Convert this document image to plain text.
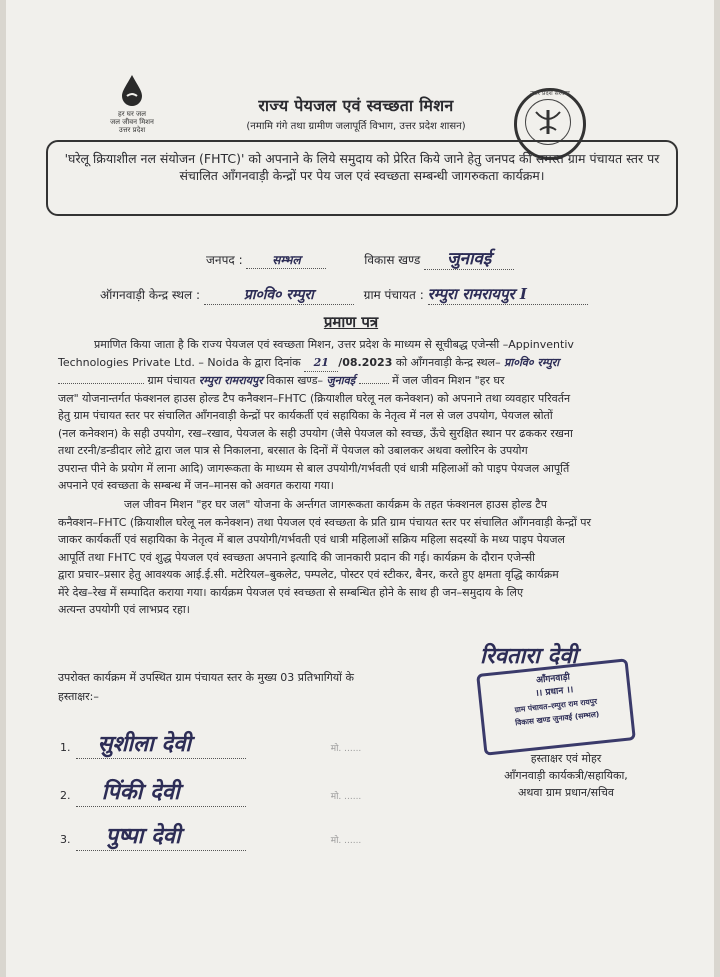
हर घर जल
जल जीवन मिशन
उत्तर प्रदेश
राज्य पेयजल एवं स्वच्छता मिशन
(नमामि गंगे तथा ग्रामीण जलापूर्ति विभाग, उत्तर प्रदेश शासन)
उत्तर प्रदेश सरकार
'घरेलू क्रियाशील नल संयोजन (FHTC)' को अपनाने के लिये समुदाय को प्रेरित किये जाने हेतु जनपद की समस्त ग्राम पंचायत स्तर पर संचालित आँगनवाड़ी केन्द्रों पर पेय जल एवं स्वच्छता सम्बन्धी जागरुकता कार्यक्रम।
जनपद : सम्भल	विकास खण्ड जुनावई
ऑगनवाड़ी केन्द्र स्थल :	प्रा०वि० रम्पुरा	ग्राम पंचायत : रम्पुरा रामरायपुर I
प्रमाण पत्र
प्रमाणित किया जाता है कि राज्य पेयजल एवं स्वच्छता मिशन, उत्तर प्रदेश के माध्यम से सूचीबद्ध एजेन्सी –Appinventiv
Technologies Private Ltd. – Noida के द्वारा दिनांक 21 /08.2023 को आँगनवाड़ी केन्द्र स्थल– प्रा०वि० रम्पुरा
ग्राम पंचायत रम्पुरा रामरायपुर विकास खण्ड– जुनावई	में जल जीवन मिशन "हर घर
जल" योजनान्तर्गत फंक्शनल हाउस होल्ड टैप कनैक्शन–FHTC (क्रियाशील घरेलू नल कनेक्शन) को अपनाने तथा व्यवहार परिवर्तन
हेतु ग्राम पंचायत स्तर पर संचालित आँगनवाड़ी केन्द्रों पर कार्यकर्ती एवं सहायिका के नेतृत्व में नल से जल उपयोग, पेयजल स्रोतों
(नल कनेक्शन) के सही उपयोग, रख–रखाव, पेयजल के सही उपयोग (जैसे पेयजल को स्वच्छ, ऊँचे सुरक्षित स्थान पर ढककर रखना
तथा टरनी/डन्डीदार लोटे द्वारा जल पात्र से निकालना, बरसात के दिनों में पेयजल को उबालकर अथवा क्लोरिन के उपयोग
उपरान्त पीने के प्रयोग में लाना आदि) जागरूकता के माध्यम से बाल उपयोगी/गर्भवती एवं धात्री महिलाओं को पाइप पेयजल आपूर्ति
अपनाने एवं स्वच्छता के सम्बन्ध में जन–मानस को अवगत कराया गया।
जल जीवन मिशन "हर घर जल" योजना के अर्न्तगत जागरूकता कार्यक्रम के तहत फंक्शनल हाउस होल्ड टैप
कनैक्शन–FHTC (क्रियाशील घरेलू नल कनेक्शन) तथा पेयजल एवं स्वच्छता के प्रति ग्राम पंचायत स्तर पर संचालित आँगनवाड़ी केन्द्रों पर
जाकर कार्यकर्ती एवं सहायिका के नेतृत्व में बाल उपयोगी/गर्भवती एवं धात्री महिलाओं सक्रिय महिला सदस्यों के मध्य पाइप पेयजल
आपूर्ति तथा FHTC एवं शुद्ध पेयजल एवं स्वच्छता अपनाने इत्यादि की जानकारी प्रदान की गई। कार्यक्रम के दौरान एजेन्सी
द्वारा प्रचार–प्रसार हेतु आवश्यक आई.ई.सी. मटेरियल–बुकलेट, पम्पलेट, पोस्टर एवं स्टीकर, बैनर, करते हुए क्षमता वृद्धि कार्यक्रम
मेंरे देख–रेख में सम्पादित कराया गया। कार्यक्रम पेयजल एवं स्वच्छता से सम्बन्धित होने के साथ ही जन–समुदाय के लिए
अत्यन्त उपयोगी एवं लाभप्रद रहा।
उपरोक्त कार्यक्रम में उपस्थित ग्राम पंचायत स्तर के मुख्य 03 प्रतिभागियों के
हस्ताक्षर:–
1. सुशीला देवी	मो. ......
2. पिंकी देवी	मो. ......
3. पुष्पा देवी	मो. ......
रिवतारा देवी
आँगनवाड़ी
।। प्रधान ।।
ग्राम पंचायत–रम्पुरा राम रायपुर
विकास खण्ड जुनावई (सम्भल)
हस्ताक्षर एवं मोहर
आँगनवाड़ी कार्यकत्री/सहायिका,
अथवा ग्राम प्रधान/सचिव
